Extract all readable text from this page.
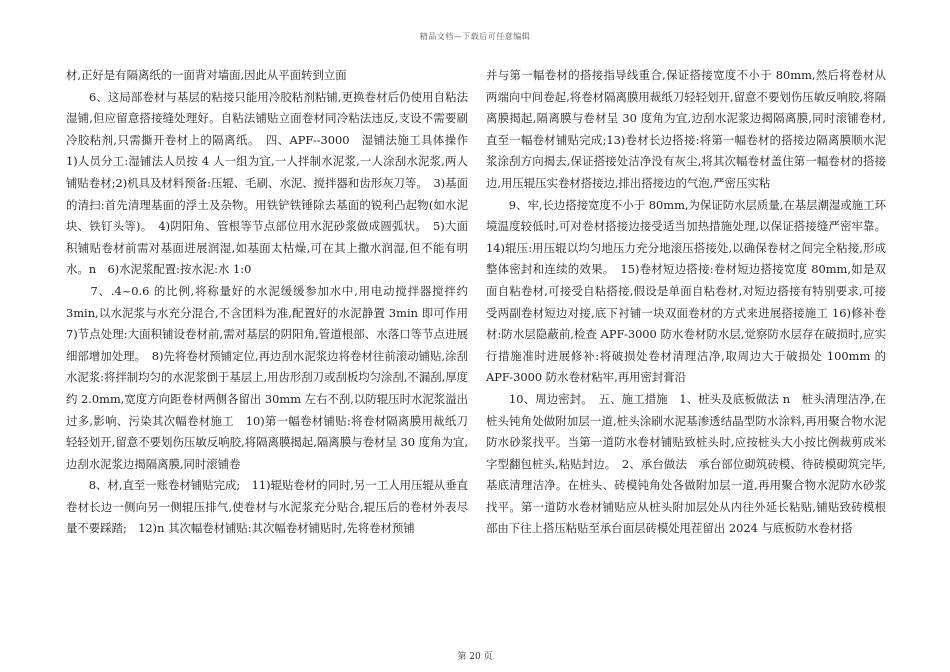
精品文档—下载后可任意编辑

材,正好是有隔离纸的一面背对墙面,因此从平面转到立面

　　6、这局部卷材与基层的粘接只能用冷胶粘剂粘铺,更换卷材后仍使用自粘法湿铺,但应留意搭接缝处理好。自粘法铺贴立面卷材同冷粘法违反,支设不需要刷冷胶粘剂,只需撕开卷材上的隔离纸。　四、APF--3000　湿铺法施工具体操作　1)人员分工:湿铺法人员按 4 人一组为宜,一人拌制水泥浆,一人涂刮水泥浆,两人铺贴卷材;2)机具及材料预备:压辊、毛刷、水泥、搅拌器和齿形灰刀等。　3)基面的清扫:首先清理基面的浮土及杂物。用铁铲铁锤除去基面的锐利凸起物(如水泥块、铁钉头等)。　4)阴阳角、管根等节点部位用水泥砂浆做成圆弧状。　5)大面积铺贴卷材前需对基面进展润湿,如基面太枯燥,可在其上撒水润湿,但不能有明水。n　6)水泥浆配置:按水泥:水 1:0

　　7、.4~0.6 的比例,将称量好的水泥缓缓参加水中,用电动搅拌器搅拌约 3min,以水泥浆与水充分混合,不含团料为准,配置好的水泥静置 3min 即可作用 7)节点处理:大面积铺设卷材前,需对基层的阴阳角,管道根部、水落口等节点进展细部增加处理。　8)先将卷材预铺定位,再边刮水泥浆边将卷材往前滚动铺贴,涂刮水泥浆:将拌制均匀的水泥浆倒于基层上,用齿形刮刀或刮板均匀涂刮,不漏刮,厚度约 2.0mm,宽度方向距卷材两侧各留出 30mm 左右不刮,以防辊压时水泥浆溢出过多,影响、污染其次幅卷材施工　10)第一幅卷材铺贴:将卷材隔离膜用裁纸刀轻轻划开,留意不要划伤压敏反响胶,将隔离膜揭起,隔离膜与卷材呈 30 度角为宜,边刮水泥浆边揭隔离膜,同时滚铺卷

　　8、材,直至一账卷材铺贴完成;　11)辊贴卷材的同时,另一工人用压辊从垂直卷材长边一侧向另一侧辊压排气,使卷材与水泥浆充分贴合,辊压后的卷材外表尽量不要踩踏;　12)n 其次幅卷材铺贴:其次幅卷材铺贴时,先将卷材预铺

并与第一幅卷材的搭接指导线重合,保证搭接宽度不小于 80mm,然后将卷材从两端向中间卷起,将卷材隔离膜用裁纸刀轻轻划开,留意不要划伤压敏反响胶,将隔离膜揭起,隔离膜与卷材呈 30 度角为宜,边刮水泥浆边揭隔离膜,同时滚铺卷材,直至一幅卷材铺贴完成;13)卷材长边搭接:将第一幅卷材的搭接边隔离膜顺水泥浆涂刮方向揭去,保证搭接处洁净没有灰尘,将其次幅卷材盖住第一幅卷材的搭接边,用压辊压实卷材搭接边,排出搭接边的气泡,严密压实粘

　　9、牢,长边搭接宽度不小于 80mm,为保证防水层质量,在基层潮湿或施工环境温度较低时,可对卷材搭接边接受适当加热措施处理,以保证搭接缝严密牢靠。14)辊压:用压辊以均匀地压力充分地滚压搭接处,以确保卷材之间完全粘接,形成整体密封和连续的效果。　15)卷材短边搭接:卷材短边搭接宽度 80mm,如是双面自粘卷材,可接受自粘搭接,假设是单面自粘卷材,对短边搭接有特别要求,可接受两副卷材短边对接,底下衬铺一块双面卷材的方式来进展搭接施工 16)修补卷材:防水层隐蔽前,检查 APF-3000 防水卷材防水层,觉察防水层存在破损时,应实行措施准时进展修补:将破损处卷材清理洁净,取周边大于破损处 100mm 的 APF-3000 防水卷材粘牢,再用密封膏沿

　　10、周边密封。　五、施工措施　1、桩头及底板做法 n　桩头清理洁净,在桩头钝角处做附加层一道,桩头涂刷水泥基渗透结晶型防水涂料,再用聚合物水泥防水砂浆找平。当第一道防水卷材铺贴致桩头时,应按桩头大小按比例裁剪成米字型翻包桩头,粘贴封边。　2、承台做法　承台部位砌筑砖模、待砖模砌筑完毕,基底清理洁净。在桩头、砖模钝角处各做附加层一道,再用聚合物水泥防水砂浆找平。第一道防水卷材铺贴应从桩头附加层处从内往外延长粘贴,铺贴致砖模根部由下往上搭压粘贴至承台面层砖模处甩茬留出 2024 与底板防水卷材搭

第 20 页
